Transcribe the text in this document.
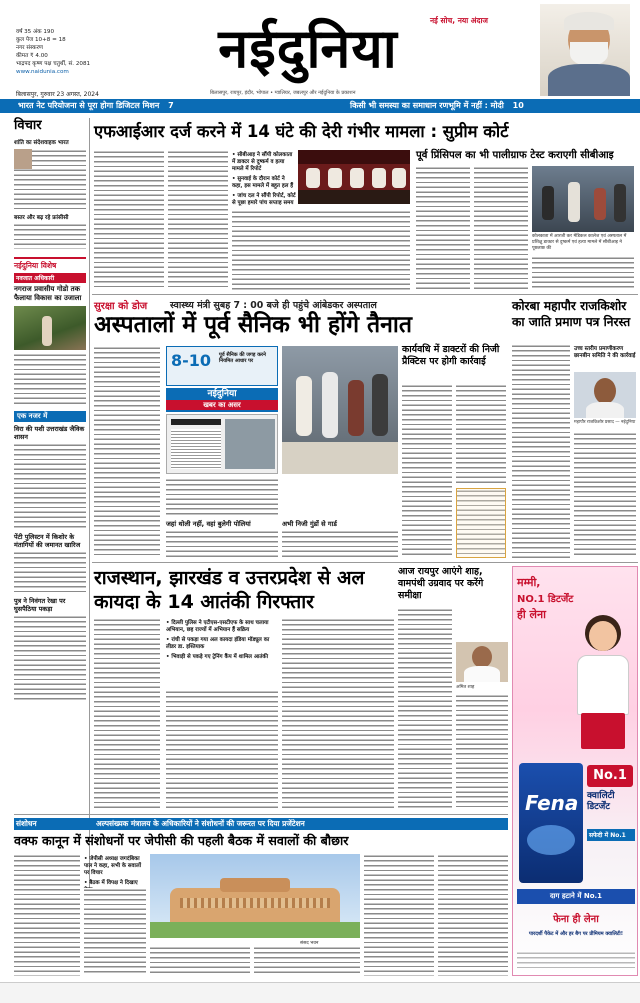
वर्ष 35 अंक 190
कुल पेज 10+8 = 18
नगर संस्करण
कीमत ₹ 4.00
भाद्रपद कृष्ण पक्ष चतुर्थी, सं. 2081
www.naidunia.com
नई सोच, नया अंदाज
नईदुनिया
बिलासपुर, गुरुवार 23 अगस्त, 2024	बिलासपुर, रायपुर, इंदौर, भोपाल • ग्वालियर, जबलपुर और नईदुनिया के प्रकाशन
भारत नेट परियोजना से पूरा होगा डिजिटल मिशन 7	किसी भी समस्या का समाधान रणभूमि में नहीं : मोदी 10
विचार
शांति का संदेशवाहक भारत
बस्तर और बढ़ रहे फ्रांसीसी
नईदुनिया विशेष
नवजात अधिकारी
नगराज प्रवासीय गोडो तक फैलाया विकास का उजाला
एक नजर में
विरा की यशी उत्तराखंड जैविक शासन
पेंटी पुलिस्टन में किशोर के मंतागियों की जमानत खारिज
पुत्र ने निवंगत रेखा पर घुसपैठिया पकड़ा
एफआईआर दर्ज करने में 14 घंटे की देरी गंभीर मामला : सुप्रीम कोर्ट
• सीबीआइ ने सौंपी कोलकाता में डाक्टर से दुष्कर्म व हत्या मामले में रिपोर्ट
• सुनवाई के दौरान कोर्ट ने कहा, इस मामले में बहुत हल हैं
• जांच दल ने सौंपी रिपोर्ट, कोर्ट से पूछा हमारे पांच सप्ताह समय
पूर्व प्रिंसिपल का भी पालीग्राफ टेस्ट कराएगी सीबीआइ
कोलकाता में आरजी कर मेडिकल कालेज एवं अस्पताल में प्रशिक्षु डाक्टर से दुष्कर्म एवं हत्या मामले में सीबीआइ ने पूछताछ की
सुरक्षा को डोज स्वास्थ्य मंत्री सुबह 7 : 00 बजे ही पहुंचे आंबेडकर अस्पताल
अस्पतालों में पूर्व सैनिक भी होंगे तैनात
8-10 पूर्व सैनिक की जगह करने नियमित आधार पर
नईदुनिया
खबर का असर
जहां थोली नहीं, वहां बुलेगी पोलियां	अभी निजी गुंडों से गार्ड
कार्यवधि में डाक्टरों की निजी प्रैक्टिस पर होगी कार्रवाई
कोरबा महापौर राजकिशोर का जाति प्रमाण पत्र निरस्त
उच्च स्तरीय प्रमाणीकरण छानबीन समिति ने की कार्रवाई
महापौर राजकिशोर प्रसाद — नईदुनिया
राजस्थान, झारखंड व उत्तरप्रदेश से अल कायदा के 14 आतंकी गिरफ्तार
• दिल्ली पुलिस ने एटीएस-एसटीएफ के साथ चलाया अभियान, छह राज्यों में अभियान हैं सक्रिय
• रांची से पकड़ा गया अल कायदा इंडिया मॉड्यूल का लीडर डा. इश्तियाक
• भिवाड़ी से पकड़े गए ट्रेनिंग कैंप में शामिल आतंकी
आज रायपुर आएंगे शाह, वामपंथी उग्रवाद पर करेंगे समीक्षा
अमित शाह
मम्मी,
NO.1 डिटर्जेंट
ही लेना
Fena
No.1
क्वालिटी डिटर्जेंट
सफेदी में No.1
दाग हटाने में No.1
फेना ही लेना
पारदर्शी पैकेट में और हर बैग पर प्रीमियम क्वालिटी!
संशोधन	अल्पसंख्यक मंत्रालय के अधिकारियों ने संशोधनों की जरूरत पर दिया प्रजेंटेशन
वक्फ कानून में संशोधनों पर जेपीसी की पहली बैठक में सवालों की बौछार
• जेपीसी अध्यक्ष जगदंबिका पाल ने कहा, सभी के सवालों पर विचार
• बैठक में विपक्ष ने दिखाए
संसद भवन
